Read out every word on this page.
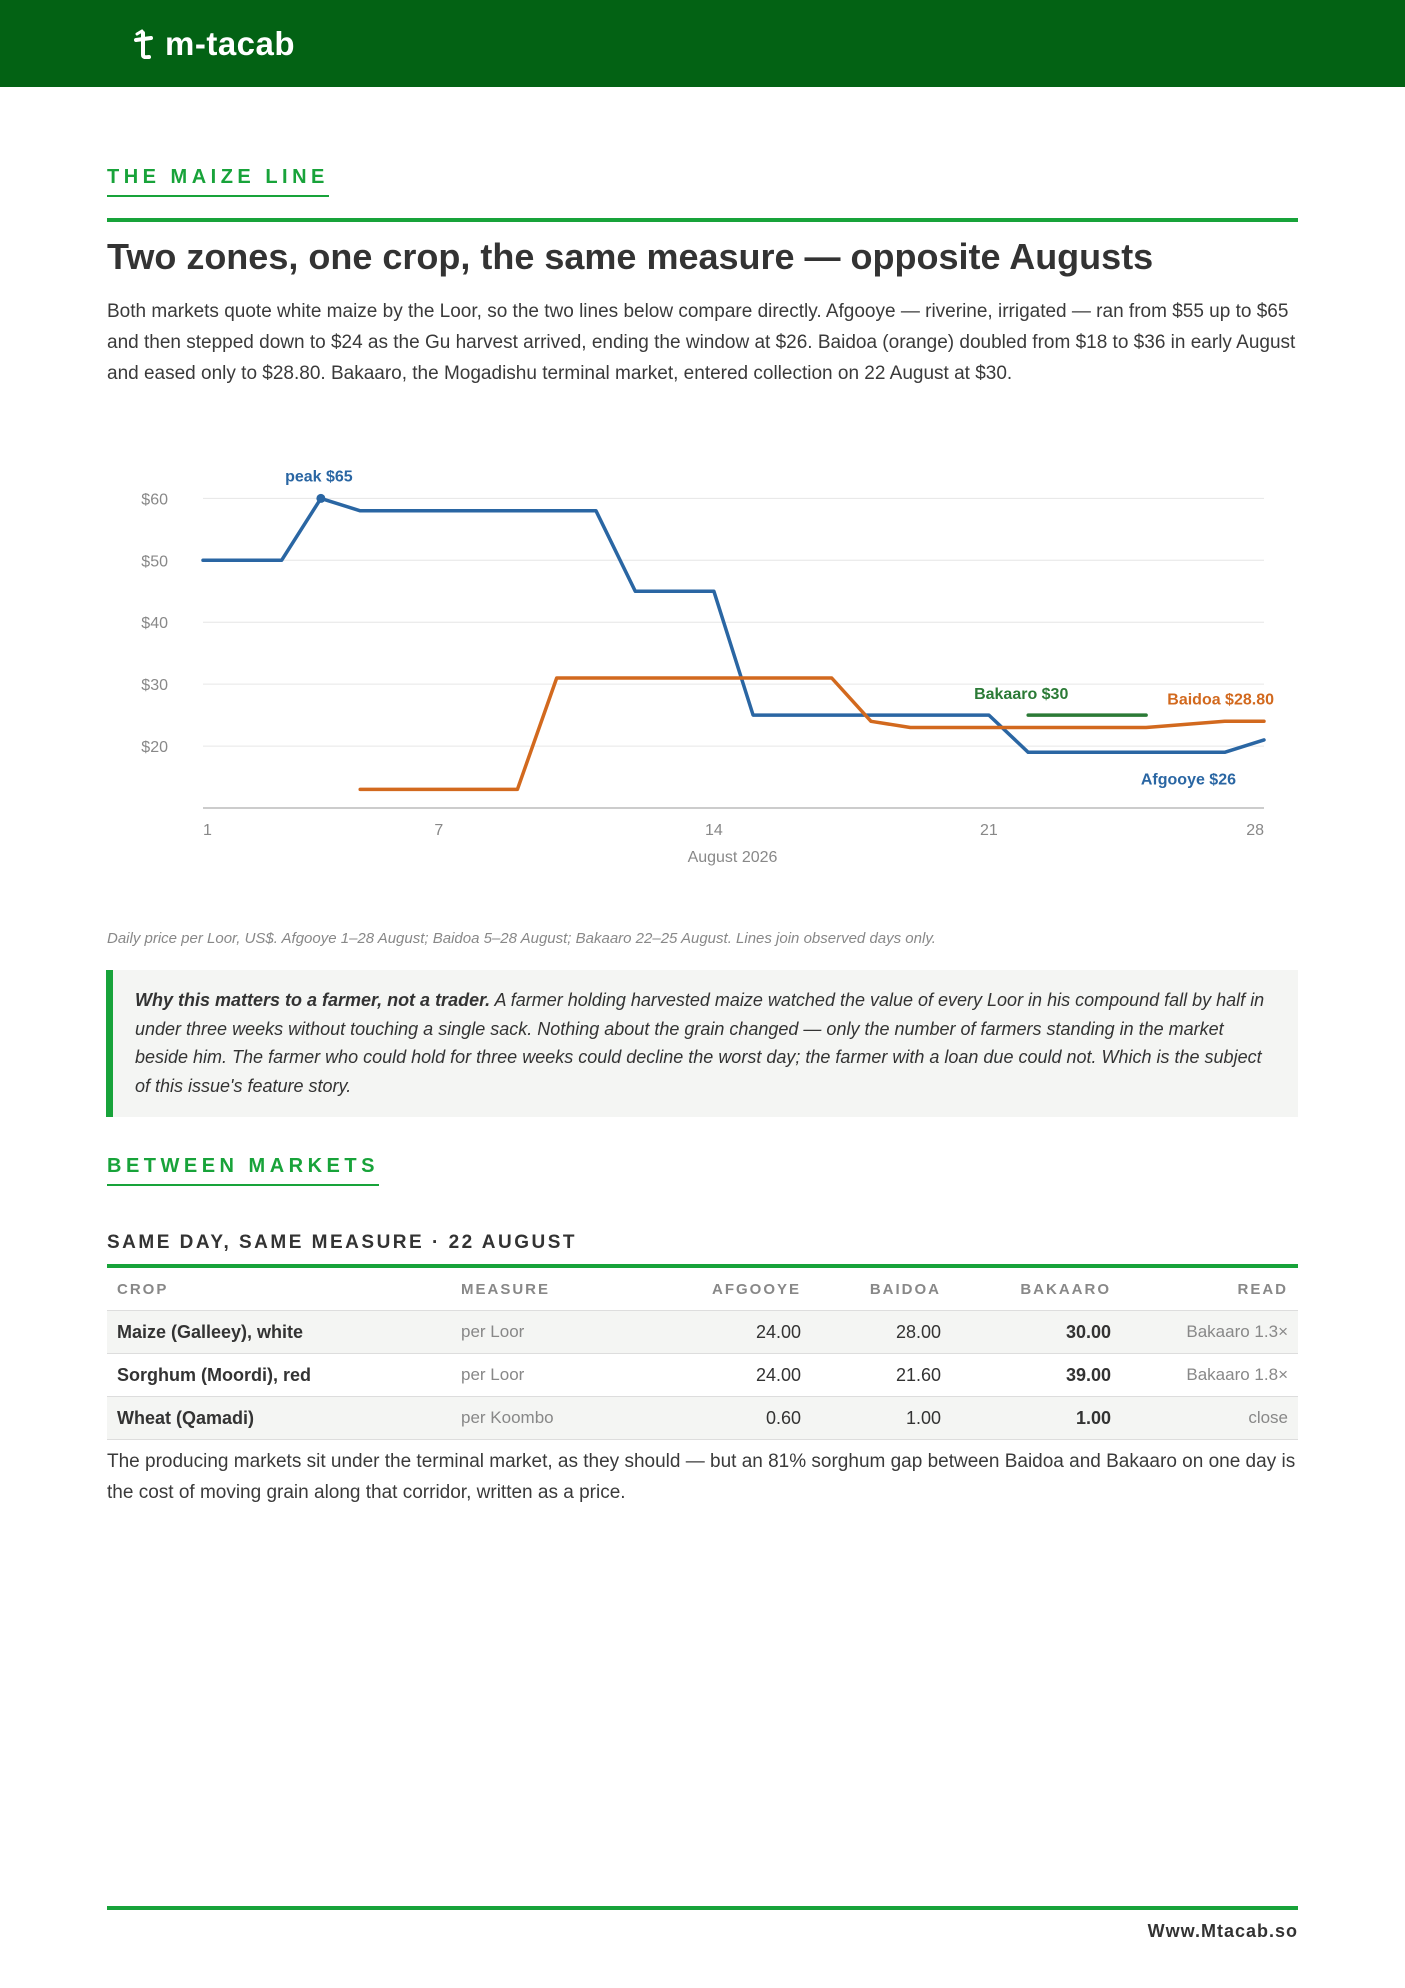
m-tacab
THE MAIZE LINE
Two zones, one crop, the same measure — opposite Augusts

Both markets quote white maize by the Loor, so the two lines below compare directly. Afgooye — riverine, irrigated — ran from $55 up to $65 and then stepped down to $24 as the Gu harvest arrived, ending the window at $26. Baidoa (orange) doubled from $18 to $36 in early August and eased only to $28.80. Bakaaro, the Mogadishu terminal market, entered collection on 22 August at $30.

$20
$30
$40
$50
$60
1	7	14	21	28
August 2026
peak $65
Bakaaro $30	Baidoa $28.80
Afgooye $26

Daily price per Loor, US$. Afgooye 1–28 August; Baidoa 5–28 August; Bakaaro 22–25 August. Lines join observed days only.

Why this matters to a farmer, not a trader. A farmer holding harvested maize watched the value of every Loor in his compound fall by half in under three weeks without touching a single sack. Nothing about the grain changed — only the number of farmers standing in the market beside him. The farmer who could hold for three weeks could decline the worst day; the farmer with a loan due could not. Which is the subject of this issue's feature story.
BETWEEN MARKETS
SAME DAY, SAME MEASURE · 22 AUGUST
CROP	MEASURE	AFGOOYE	BAIDOA	BAKAARO	READ
Maize (Galleey), white	per Loor	24.00	28.00	30.00	Bakaaro 1.3×
Sorghum (Moordi), red	per Loor	24.00	21.60	39.00	Bakaaro 1.8×
Wheat (Qamadi)	per Koombo	0.60	1.00	1.00	close

The producing markets sit under the terminal market, as they should — but an 81% sorghum gap between Baidoa and Bakaaro on one day is the cost of moving grain along that corridor, written as a price.

Www.Mtacab.so
